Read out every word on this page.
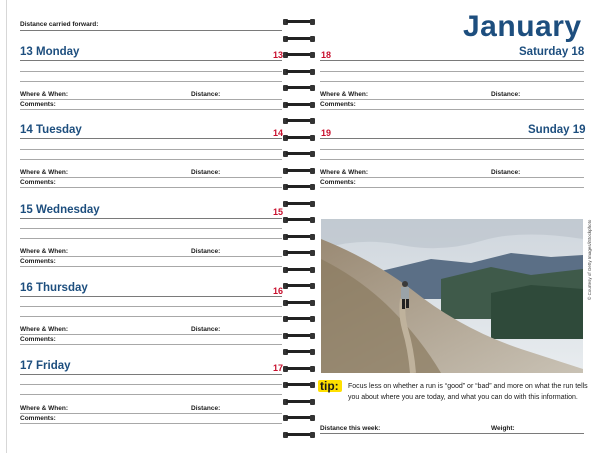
Distance carried forward:
13 Monday	13
Where & When:	Distance:
Comments:
14 Tuesday	14
Where & When:	Distance:
Comments:
15 Wednesday	15
Where & When:	Distance:
Comments:
16 Thursday	16
Where & When:	Distance:
Comments:
17 Friday	17
Where & When:	Distance:
Comments:
January
18	Saturday 18
Where & When:	Distance:
Comments:
19	Sunday 19
Where & When:	Distance:
Comments:
© Courtesy of Getty Images/iStockphoto
tip: Focus less on whether a run is “good” or “bad” and more on what the run tells you about where you are today, and what you can do with this information.
Distance this week:	Weight:
